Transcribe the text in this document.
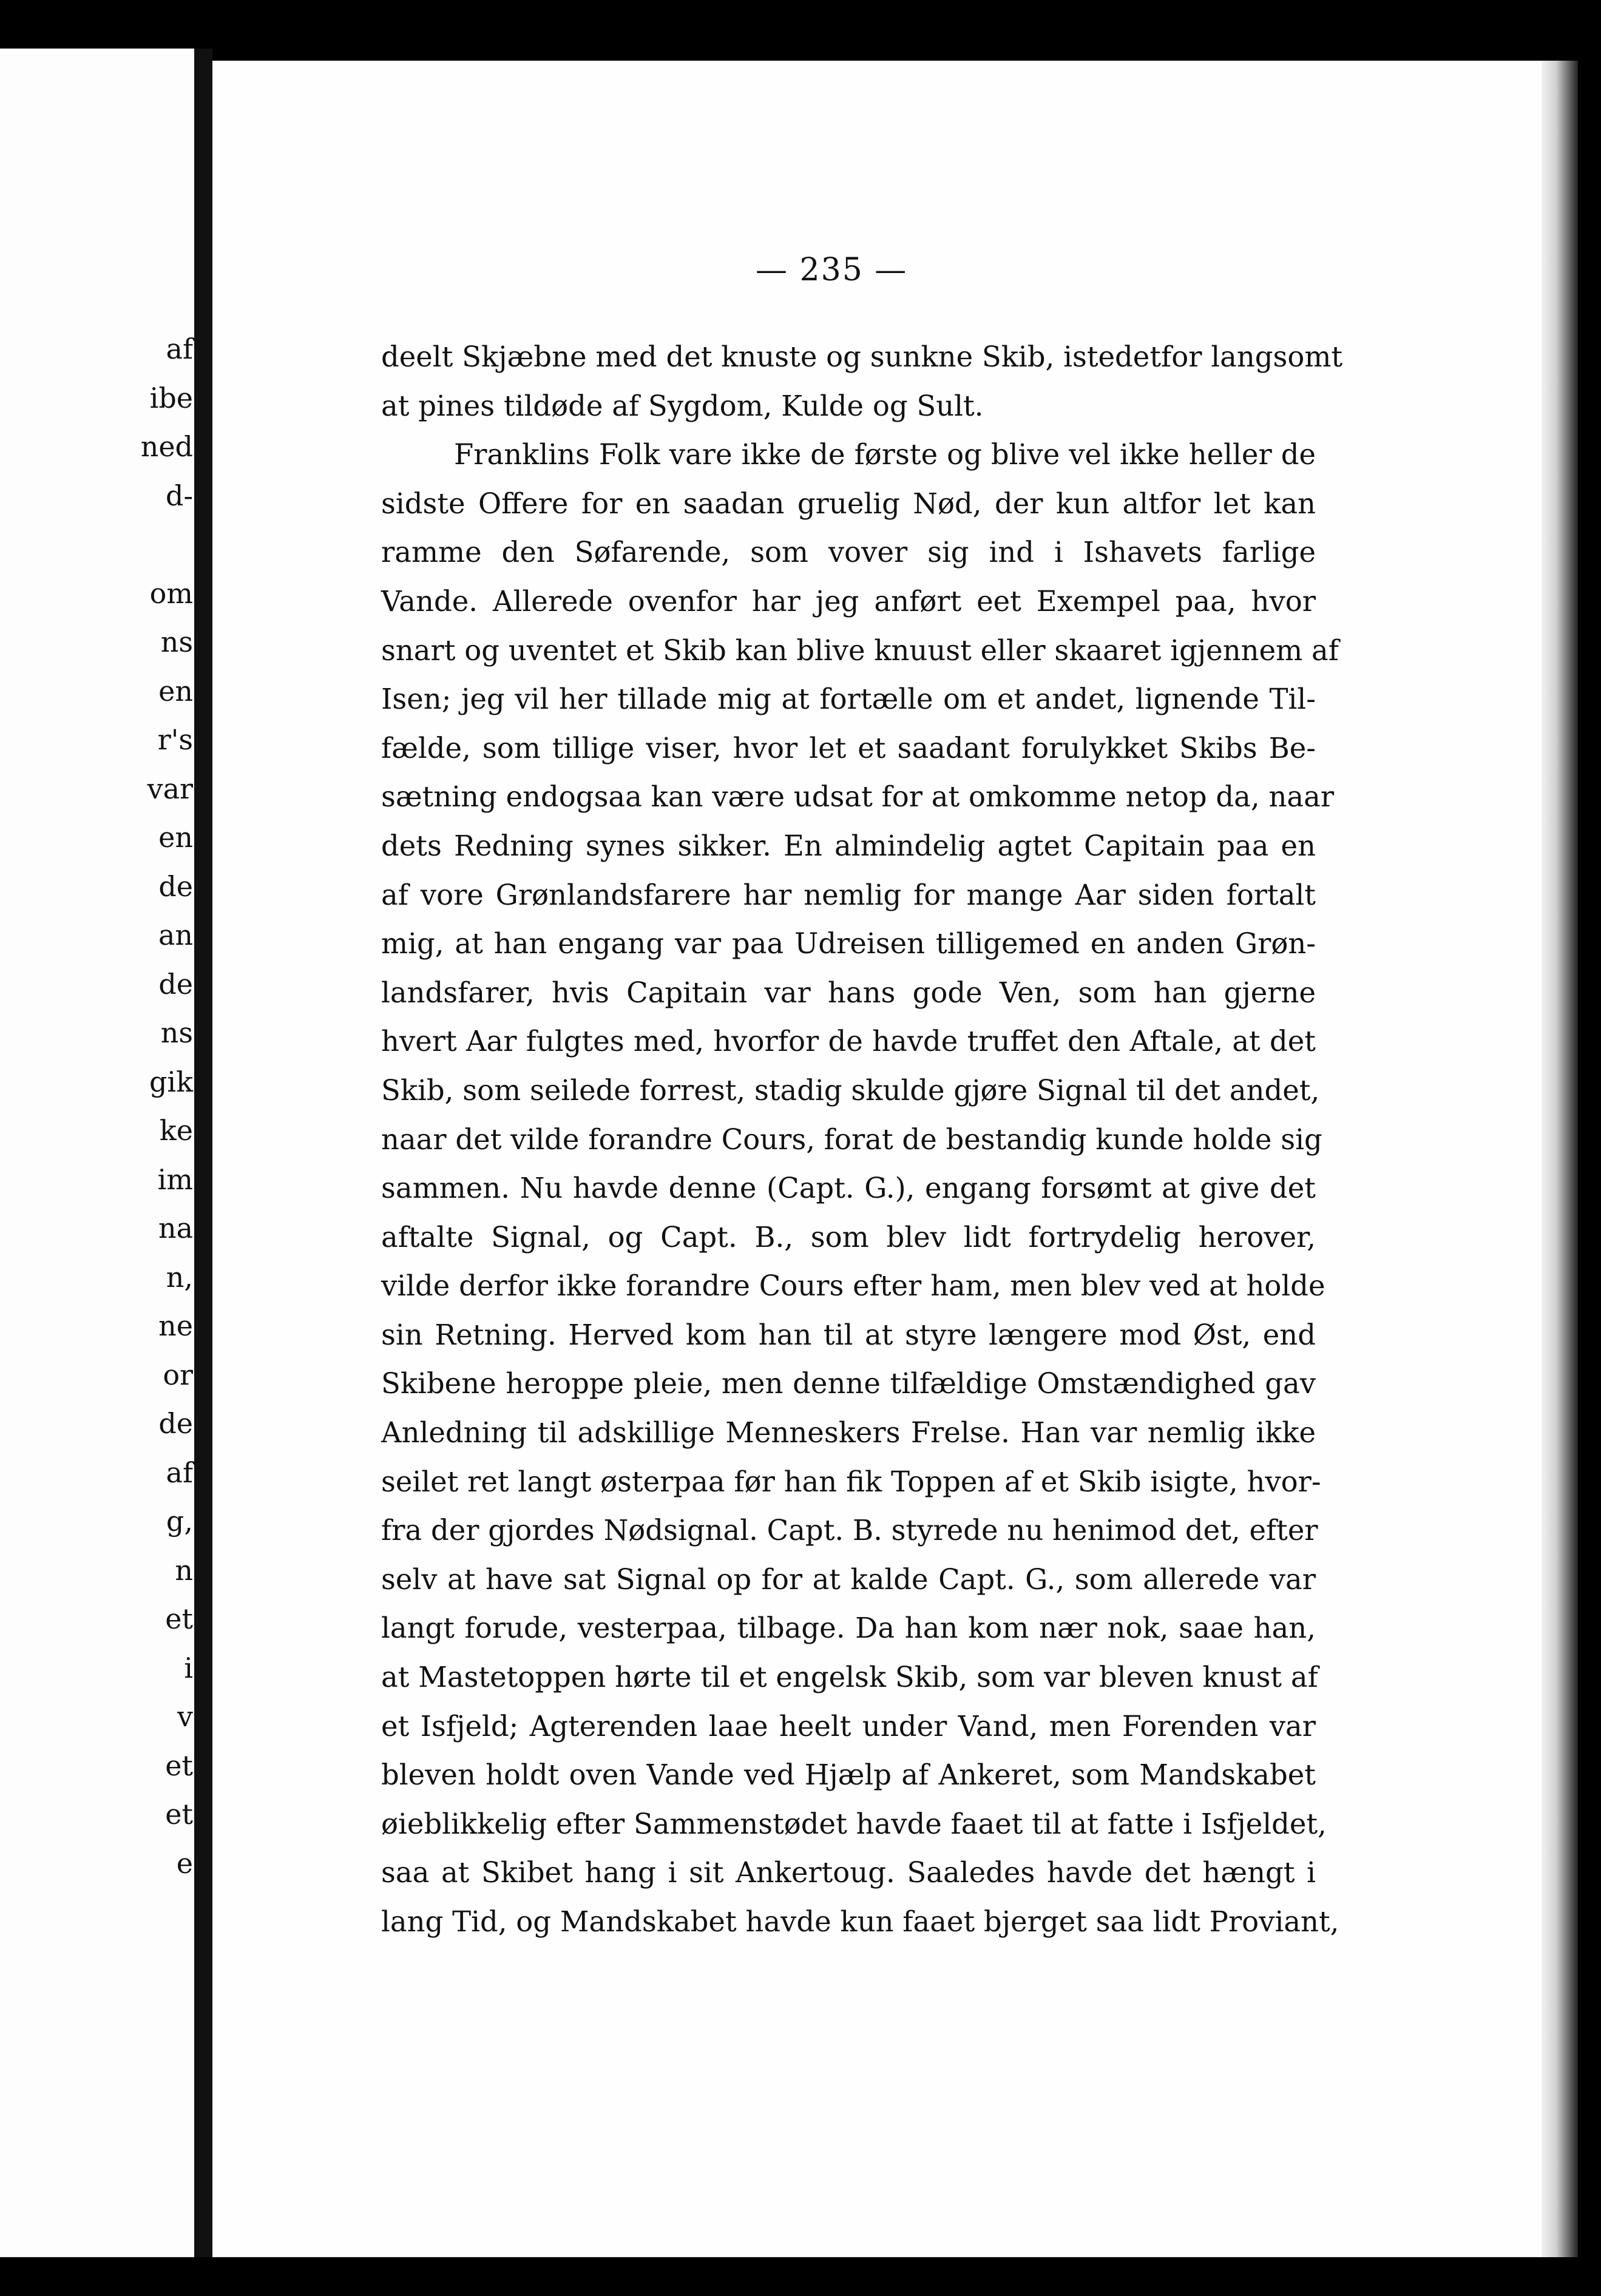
af
ibe
ned
d-
om
ns
en
r's
var
en
de
an
de
ns
gik
ke
im
na
n,
ne
or
de
af
g,
n
et
i
v
et
et
e
— 235 —
deelt Skjæbne med det knuste og sunkne Skib, istedetfor langsomt
at pines tildøde af Sygdom, Kulde og Sult.
Franklins Folk vare ikke de første og blive vel ikke heller de
sidste Offere for en saadan gruelig Nød, der kun altfor let kan
ramme den Søfarende, som vover sig ind i Ishavets farlige
Vande. Allerede ovenfor har jeg anført eet Exempel paa, hvor
snart og uventet et Skib kan blive knuust eller skaaret igjennem af
Isen; jeg vil her tillade mig at fortælle om et andet, lignende Til-
fælde, som tillige viser, hvor let et saadant forulykket Skibs Be-
sætning endogsaa kan være udsat for at omkomme netop da, naar
dets Redning synes sikker. En almindelig agtet Capitain paa en
af vore Grønlandsfarere har nemlig for mange Aar siden fortalt
mig, at han engang var paa Udreisen tilligemed en anden Grøn-
landsfarer, hvis Capitain var hans gode Ven, som han gjerne
hvert Aar fulgtes med, hvorfor de havde truffet den Aftale, at det
Skib, som seilede forrest, stadig skulde gjøre Signal til det andet,
naar det vilde forandre Cours, forat de bestandig kunde holde sig
sammen. Nu havde denne (Capt. G.), engang forsømt at give det
aftalte Signal, og Capt. B., som blev lidt fortrydelig herover,
vilde derfor ikke forandre Cours efter ham, men blev ved at holde
sin Retning. Herved kom han til at styre længere mod Øst, end
Skibene heroppe pleie, men denne tilfældige Omstændighed gav
Anledning til adskillige Menneskers Frelse. Han var nemlig ikke
seilet ret langt østerpaa før han fik Toppen af et Skib isigte, hvor-
fra der gjordes Nødsignal. Capt. B. styrede nu henimod det, efter
selv at have sat Signal op for at kalde Capt. G., som allerede var
langt forude, vesterpaa, tilbage. Da han kom nær nok, saae han,
at Mastetoppen hørte til et engelsk Skib, som var bleven knust af
et Isfjeld; Agterenden laae heelt under Vand, men Forenden var
bleven holdt oven Vande ved Hjælp af Ankeret, som Mandskabet
øieblikkelig efter Sammenstødet havde faaet til at fatte i Isfjeldet,
saa at Skibet hang i sit Ankertoug. Saaledes havde det hængt i
lang Tid, og Mandskabet havde kun faaet bjerget saa lidt Proviant,
